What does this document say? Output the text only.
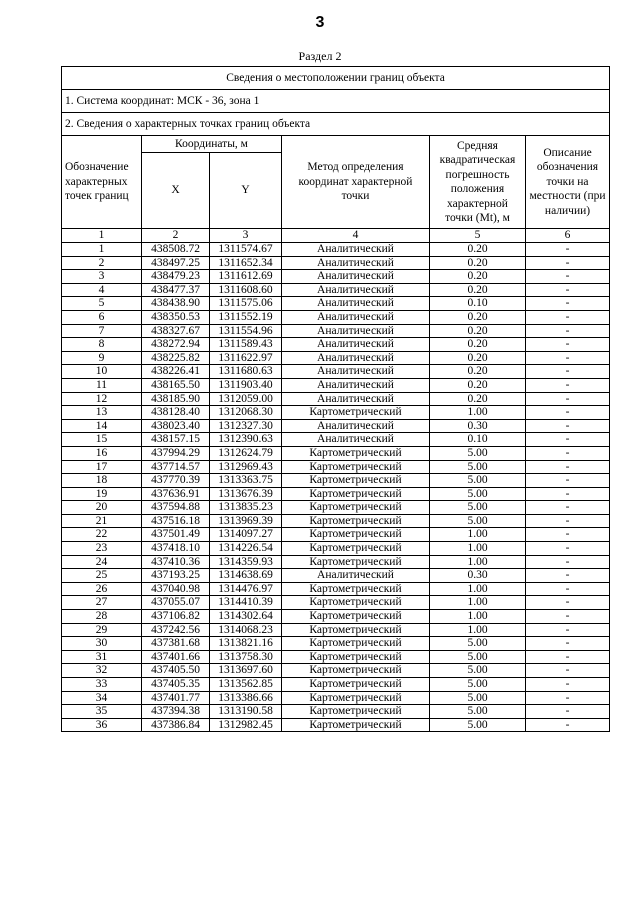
3
Раздел 2
Сведения о местоположении границ объекта					
1. Система координат: МСК - 36, зона 1					
2. Сведения о характерных точках границ объекта					
Обозначение характерных точек границ	Координаты, м		Метод определения координат характерной точки	Средняя квадратическая погрешность положения характерной точки (Mt), м	Описание обозначения точки на местности (при наличии)
	X	Y			
1	2	3	4	5	6
1	438508.72	1311574.67	Аналитический	0.20	-
2	438497.25	1311652.34	Аналитический	0.20	-
3	438479.23	1311612.69	Аналитический	0.20	-
4	438477.37	1311608.60	Аналитический	0.20	-
5	438438.90	1311575.06	Аналитический	0.10	-
6	438350.53	1311552.19	Аналитический	0.20	-
7	438327.67	1311554.96	Аналитический	0.20	-
8	438272.94	1311589.43	Аналитический	0.20	-
9	438225.82	1311622.97	Аналитический	0.20	-
10	438226.41	1311680.63	Аналитический	0.20	-
11	438165.50	1311903.40	Аналитический	0.20	-
12	438185.90	1312059.00	Аналитический	0.20	-
13	438128.40	1312068.30	Картометрический	1.00	-
14	438023.40	1312327.30	Аналитический	0.30	-
15	438157.15	1312390.63	Аналитический	0.10	-
16	437994.29	1312624.79	Картометрический	5.00	-
17	437714.57	1312969.43	Картометрический	5.00	-
18	437770.39	1313363.75	Картометрический	5.00	-
19	437636.91	1313676.39	Картометрический	5.00	-
20	437594.88	1313835.23	Картометрический	5.00	-
21	437516.18	1313969.39	Картометрический	5.00	-
22	437501.49	1314097.27	Картометрический	1.00	-
23	437418.10	1314226.54	Картометрический	1.00	-
24	437410.36	1314359.93	Картометрический	1.00	-
25	437193.25	1314638.69	Аналитический	0.30	-
26	437040.98	1314476.97	Картометрический	1.00	-
27	437055.07	1314410.39	Картометрический	1.00	-
28	437106.82	1314302.64	Картометрический	1.00	-
29	437242.56	1314068.23	Картометрический	1.00	-
30	437381.68	1313821.16	Картометрический	5.00	-
31	437401.66	1313758.30	Картометрический	5.00	-
32	437405.50	1313697.60	Картометрический	5.00	-
33	437405.35	1313562.85	Картометрический	5.00	-
34	437401.77	1313386.66	Картометрический	5.00	-
35	437394.38	1313190.58	Картометрический	5.00	-
36	437386.84	1312982.45	Картометрический	5.00	-
